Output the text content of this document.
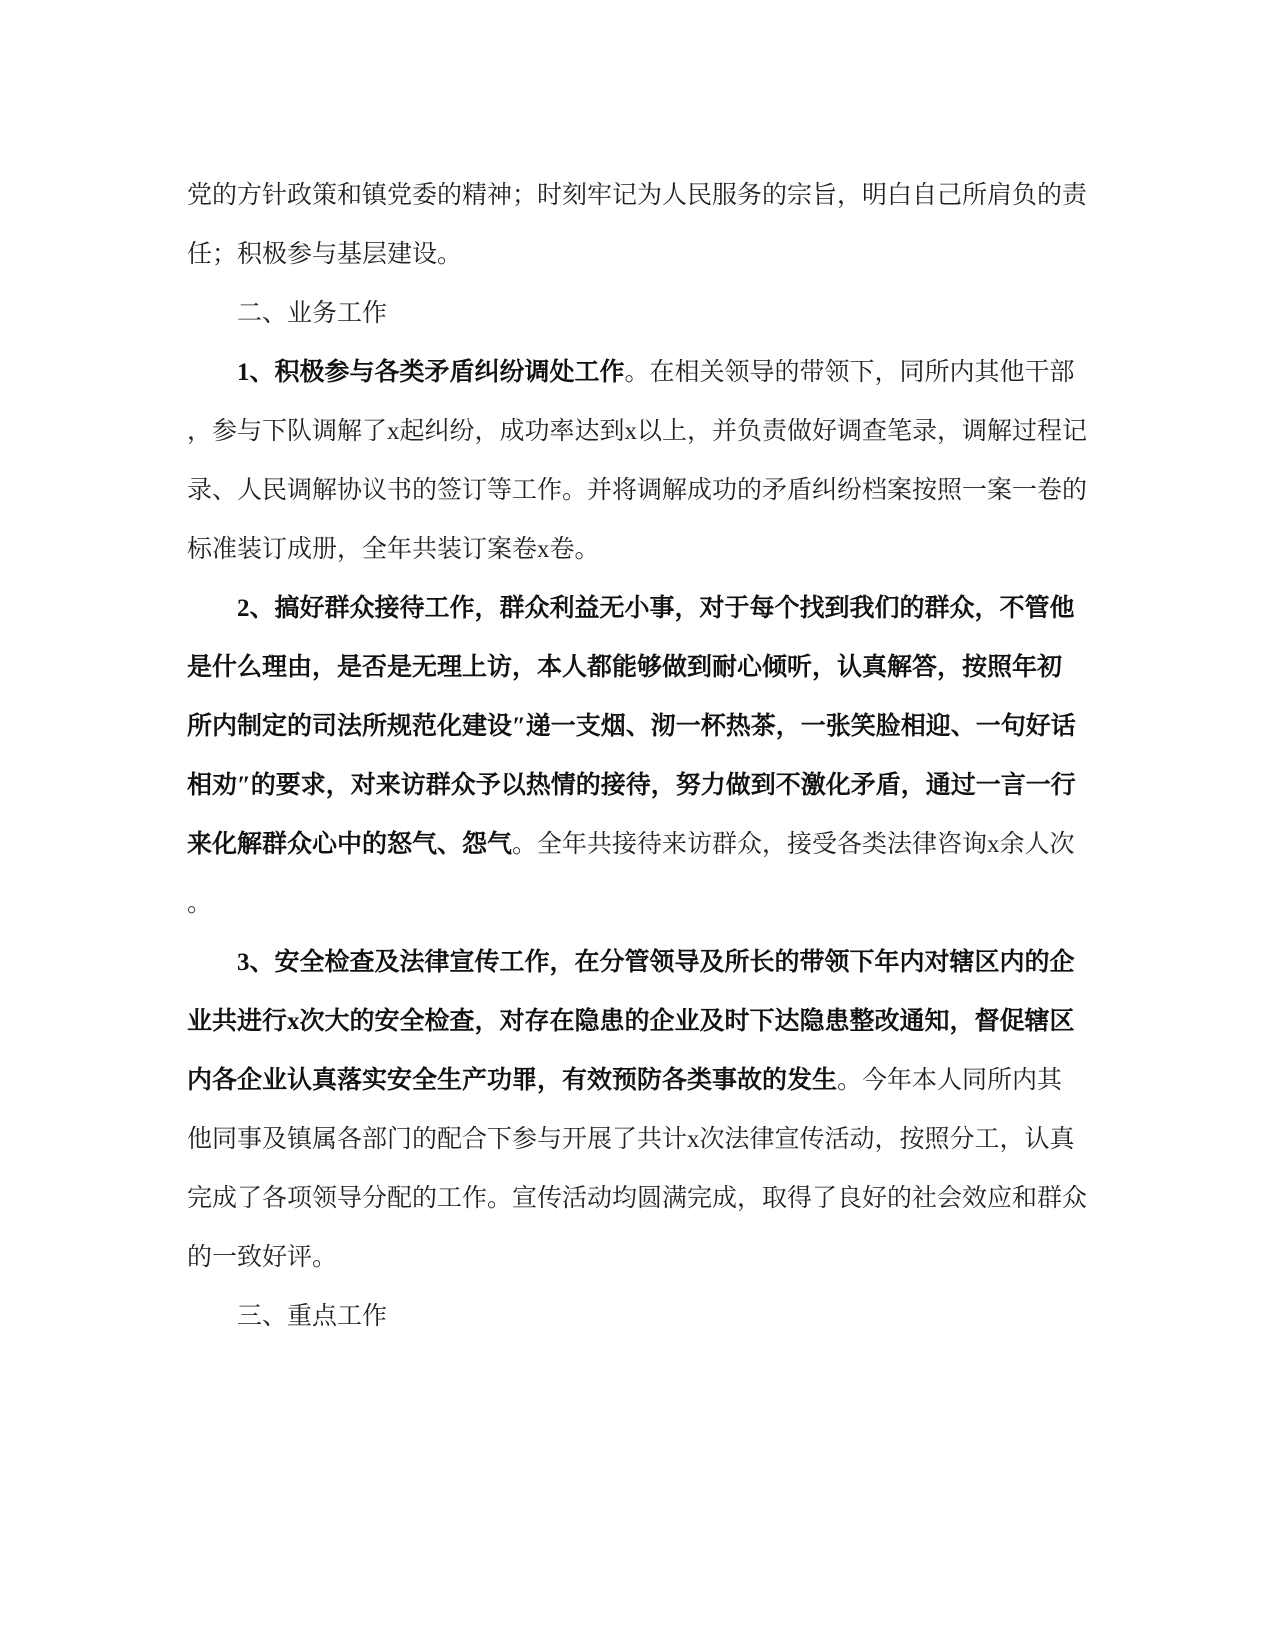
党的方针政策和镇党委的精神；时刻牢记为人民服务的宗旨，明白自己所肩负的责
任；积极参与基层建设。
二、业务工作
1、积极参与各类矛盾纠纷调处工作。在相关领导的带领下，同所内其他干部
，参与下队调解了x起纠纷，成功率达到x以上，并负责做好调查笔录，调解过程记
录、人民调解协议书的签订等工作。并将调解成功的矛盾纠纷档案按照一案一卷的
标准装订成册，全年共装订案卷x卷。
2、搞好群众接待工作，群众利益无小事，对于每个找到我们的群众，不管他
是什么理由，是否是无理上访，本人都能够做到耐心倾听，认真解答，按照年初
所内制定的司法所规范化建设″递一支烟、沏一杯热茶，一张笑脸相迎、一句好话
相劝″的要求，对来访群众予以热情的接待，努力做到不激化矛盾，通过一言一行
来化解群众心中的怒气、怨气。全年共接待来访群众，接受各类法律咨询x余人次
。
3、安全检查及法律宣传工作，在分管领导及所长的带领下年内对辖区内的企
业共进行x次大的安全检查，对存在隐患的企业及时下达隐患整改通知，督促辖区
内各企业认真落实安全生产功罪，有效预防各类事故的发生。今年本人同所内其
他同事及镇属各部门的配合下参与开展了共计x次法律宣传活动，按照分工，认真
完成了各项领导分配的工作。宣传活动均圆满完成，取得了良好的社会效应和群众
的一致好评。
三、重点工作
